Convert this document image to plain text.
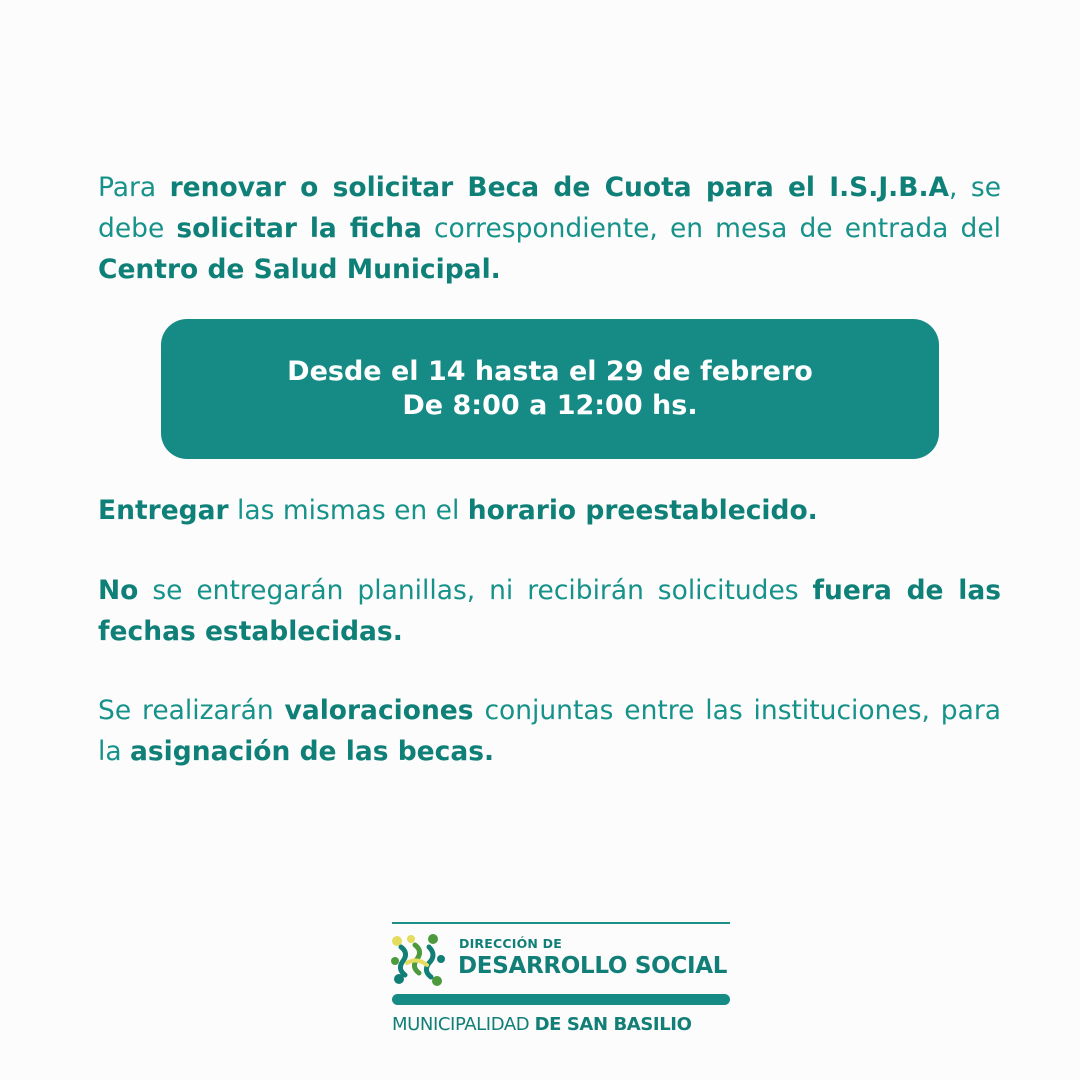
Para renovar o solicitar Beca de Cuota para el I.S.J.B.A, se debe solicitar la ficha correspondiente, en mesa de entrada del Centro de Salud Municipal.

Desde el 14 hasta el 29 de febrero
De 8:00 a 12:00 hs.

Entregar las mismas en el horario preestablecido.

No se entregarán planillas, ni recibirán solicitudes fuera de las fechas establecidas.

Se realizarán valoraciones conjuntas entre las instituciones, para la asignación de las becas.

DIRECCIÓN DE
DESARROLLO SOCIAL
MUNICIPALIDAD DE SAN BASILIO
